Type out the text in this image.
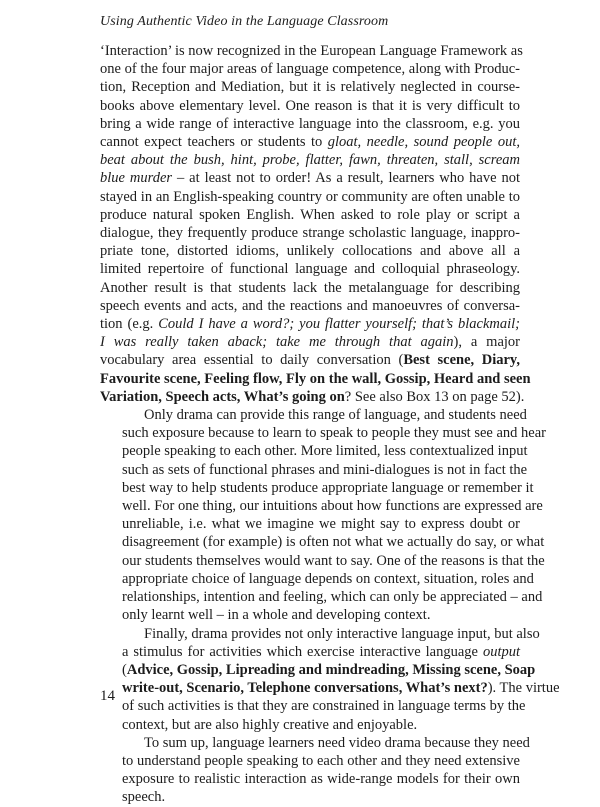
Using Authentic Video in the Language Classroom

‘Interaction’ is now recognized in the European Language Framework as
one of the four major areas of language competence, along with Produc-
tion, Reception and Mediation, but it is relatively neglected in course-
books above elementary level. One reason is that it is very difficult to
bring a wide range of interactive language into the classroom, e.g. you
cannot expect teachers or students to gloat, needle, sound people out,
beat about the bush, hint, probe, flatter, fawn, threaten, stall, scream
blue murder – at least not to order! As a result, learners who have not
stayed in an English-speaking country or community are often unable to
produce natural spoken English. When asked to role play or script a
dialogue, they frequently produce strange scholastic language, inappro-
priate tone, distorted idioms, unlikely collocations and above all a
limited repertoire of functional language and colloquial phraseology.
Another result is that students lack the metalanguage for describing
speech events and acts, and the reactions and manoeuvres of conversa-
tion (e.g. Could I have a word?; you flatter yourself; that’s blackmail;
I was really taken aback; take me through that again), a major
vocabulary area essential to daily conversation (Best scene, Diary,
Favourite scene, Feeling flow, Fly on the wall, Gossip, Heard and seen
Variation, Speech acts, What’s going on? See also Box 13 on page 52).

Only drama can provide this range of language, and students need
such exposure because to learn to speak to people they must see and hear
people speaking to each other. More limited, less contextualized input
such as sets of functional phrases and mini-dialogues is not in fact the
best way to help students produce appropriate language or remember it
well. For one thing, our intuitions about how functions are expressed are
unreliable, i.e. what we imagine we might say to express doubt or
disagreement (for example) is often not what we actually do say, or what
our students themselves would want to say. One of the reasons is that the
appropriate choice of language depends on context, situation, roles and
relationships, intention and feeling, which can only be appreciated – and
only learnt well – in a whole and developing context.

Finally, drama provides not only interactive language input, but also
a stimulus for activities which exercise interactive language output
(Advice, Gossip, Lipreading and mindreading, Missing scene, Soap
write-out, Scenario, Telephone conversations, What’s next?). The virtue
of such activities is that they are constrained in language terms by the
context, but are also highly creative and enjoyable.

To sum up, language learners need video drama because they need
to understand people speaking to each other and they need extensive
exposure to realistic interaction as wide-range models for their own
speech.

14
